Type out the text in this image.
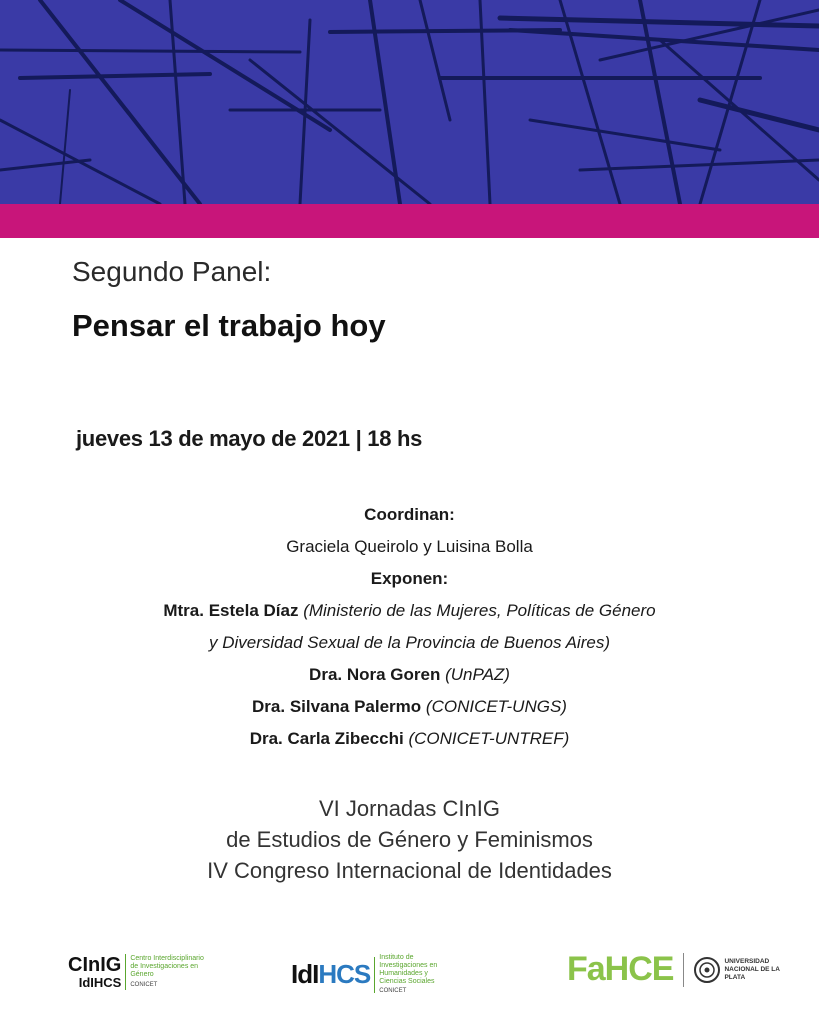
Segundo Panel:
Pensar el trabajo hoy
jueves 13 de mayo de 2021 | 18 hs
Coordinan:
Graciela Queirolo y Luisina Bolla
Exponen:
Mtra. Estela Díaz (Ministerio de las Mujeres, Políticas de Género
y Diversidad Sexual de la Provincia de Buenos Aires)
Dra. Nora Goren (UnPAZ)
Dra. Silvana Palermo (CONICET-UNGS)
Dra. Carla Zibecchi (CONICET-UNTREF)
VI Jornadas CInIG
de Estudios de Género y Feminismos
IV Congreso Internacional de Identidades
CInIG
IdIHCS
Centro Interdisciplinario de Investigaciones en Género
CONICET	IdIHCS
Instituto de Investigaciones en Humanidades y Ciencias Sociales
CONICET
FaHCE	UNIVERSIDAD NACIONAL DE LA PLATA
